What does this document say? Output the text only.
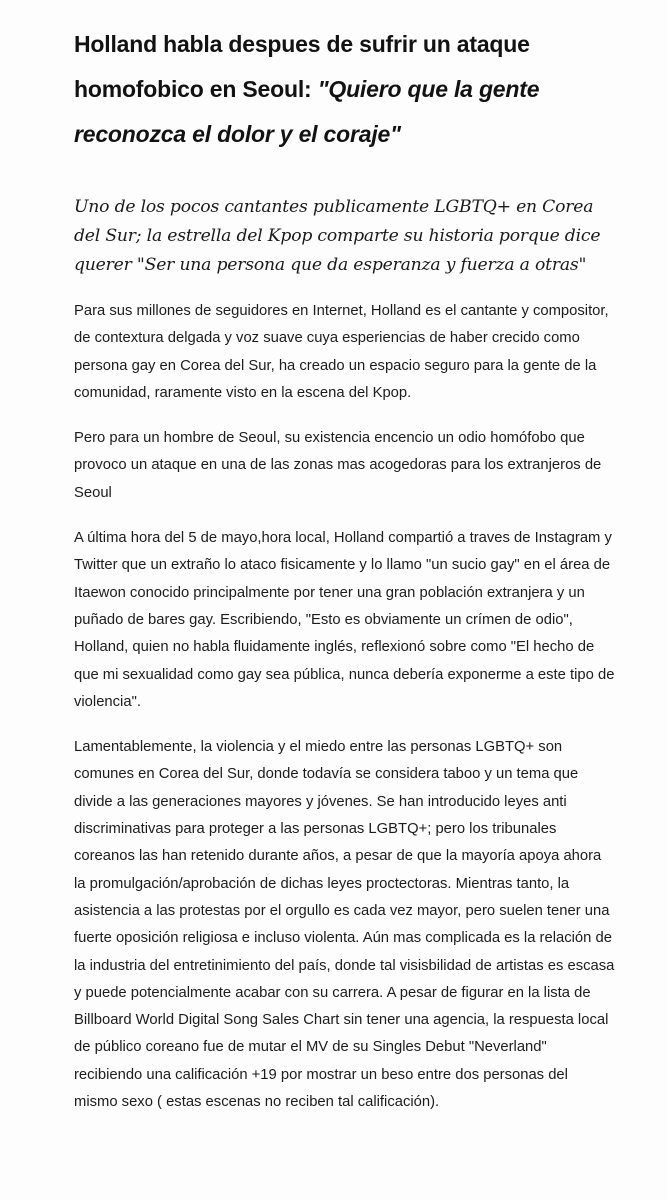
Holland habla despues de sufrir un ataque homofobico en Seoul: "Quiero que la gente reconozca el dolor y el coraje"

Uno de los pocos cantantes publicamente LGBTQ+ en Corea del Sur; la estrella del Kpop comparte su historia porque dice querer "Ser una persona que da esperanza y fuerza a otras"

Para sus millones de seguidores en Internet, Holland es el cantante y compositor, de contextura delgada y voz suave cuya esperiencias de haber crecido como persona gay en Corea del Sur, ha creado un espacio seguro para la gente de la comunidad, raramente visto en la escena del Kpop.

Pero para un hombre de Seoul, su existencia encencio un odio homófobo que provoco un ataque en una de las zonas mas acogedoras para los extranjeros de Seoul

A última hora del 5 de mayo,hora local, Holland compartió a traves de Instagram y Twitter que un extraño lo ataco fisicamente y lo llamo "un sucio gay" en el área de Itaewon conocido principalmente por tener una gran población extranjera y un puñado de bares gay. Escribiendo, "Esto es obviamente un crímen de odio", Holland, quien no habla fluidamente inglés, reflexionó sobre como "El hecho de que mi sexualidad como gay sea pública, nunca debería exponerme a este tipo de violencia".

Lamentablemente, la violencia y el miedo entre las personas LGBTQ+ son comunes en Corea del Sur, donde todavía se considera taboo y un tema que divide a las generaciones mayores y jóvenes. Se han introducido leyes anti discriminativas para proteger a las personas LGBTQ+; pero los tribunales coreanos las han retenido durante años, a pesar de que la mayoría apoya ahora la promulgación/aprobación de dichas leyes proctectoras. Mientras tanto, la asistencia a las protestas por el orgullo es cada vez mayor, pero suelen tener una fuerte oposición religiosa e incluso violenta. Aún mas complicada es la relación de la industria del entretinimiento del país, donde tal visisbilidad de artistas es escasa y puede potencialmente acabar con su carrera. A pesar de figurar en la lista de Billboard World Digital Song Sales Chart sin tener una agencia, la respuesta local de público coreano fue de mutar el MV de su Singles Debut "Neverland" recibiendo una calificación +19 por mostrar un beso entre dos personas del mismo sexo ( estas escenas no reciben tal calificación).
